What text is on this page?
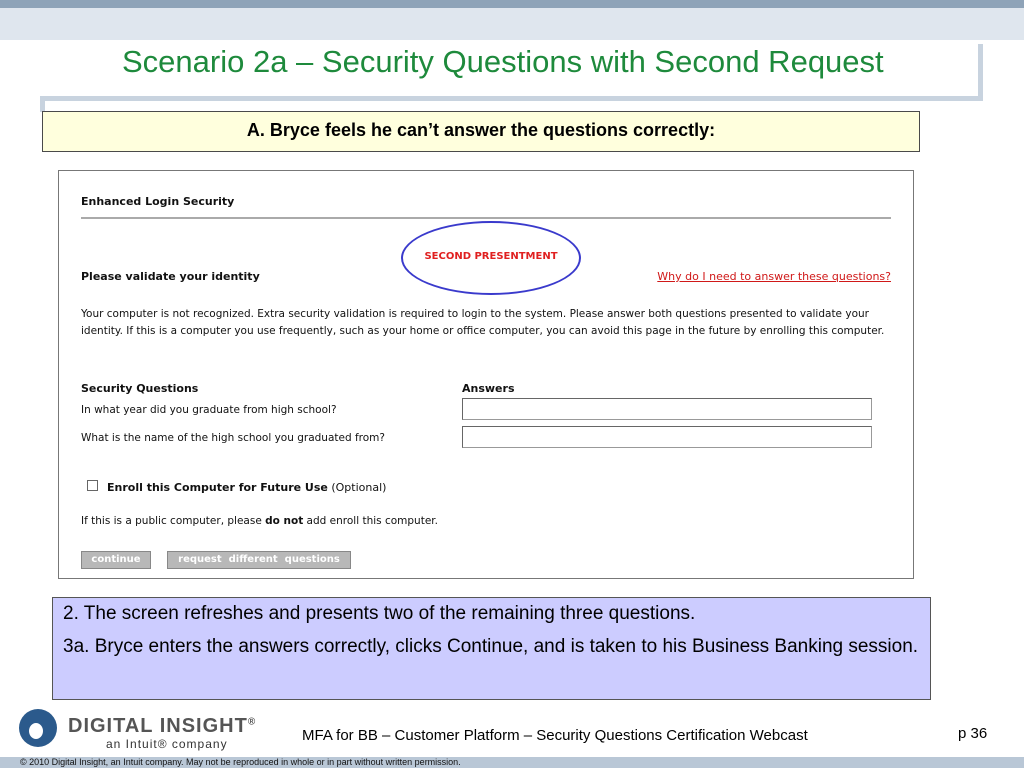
Scenario 2a – Security Questions with Second Request
A. Bryce feels he can’t answer the questions correctly:
Enhanced Login Security
SECOND PRESENTMENT
Please validate your identity	Why do I need to answer these questions?
Your computer is not recognized. Extra security validation is required to login to the system. Please answer both questions presented to validate your identity. If this is a computer you use frequently, such as your home or office computer, you can avoid this page in the future by enrolling this computer.
Security Questions	Answers
In what year did you graduate from high school?
What is the name of the high school you graduated from?
Enroll this Computer for Future Use (Optional)
If this is a public computer, please do not add enroll this computer.
continue	request  different  questions

2. The screen refreshes and presents two of the remaining three questions.

3a. Bryce enters the answers correctly, clicks Continue, and is taken to his Business Banking session.

DIGITAL INSIGHT®
an Intuit® company	MFA for BB – Customer Platform – Security Questions Certification Webcast	p 36
© 2010 Digital Insight, an Intuit company. May not be reproduced in whole or in part without written permission.
